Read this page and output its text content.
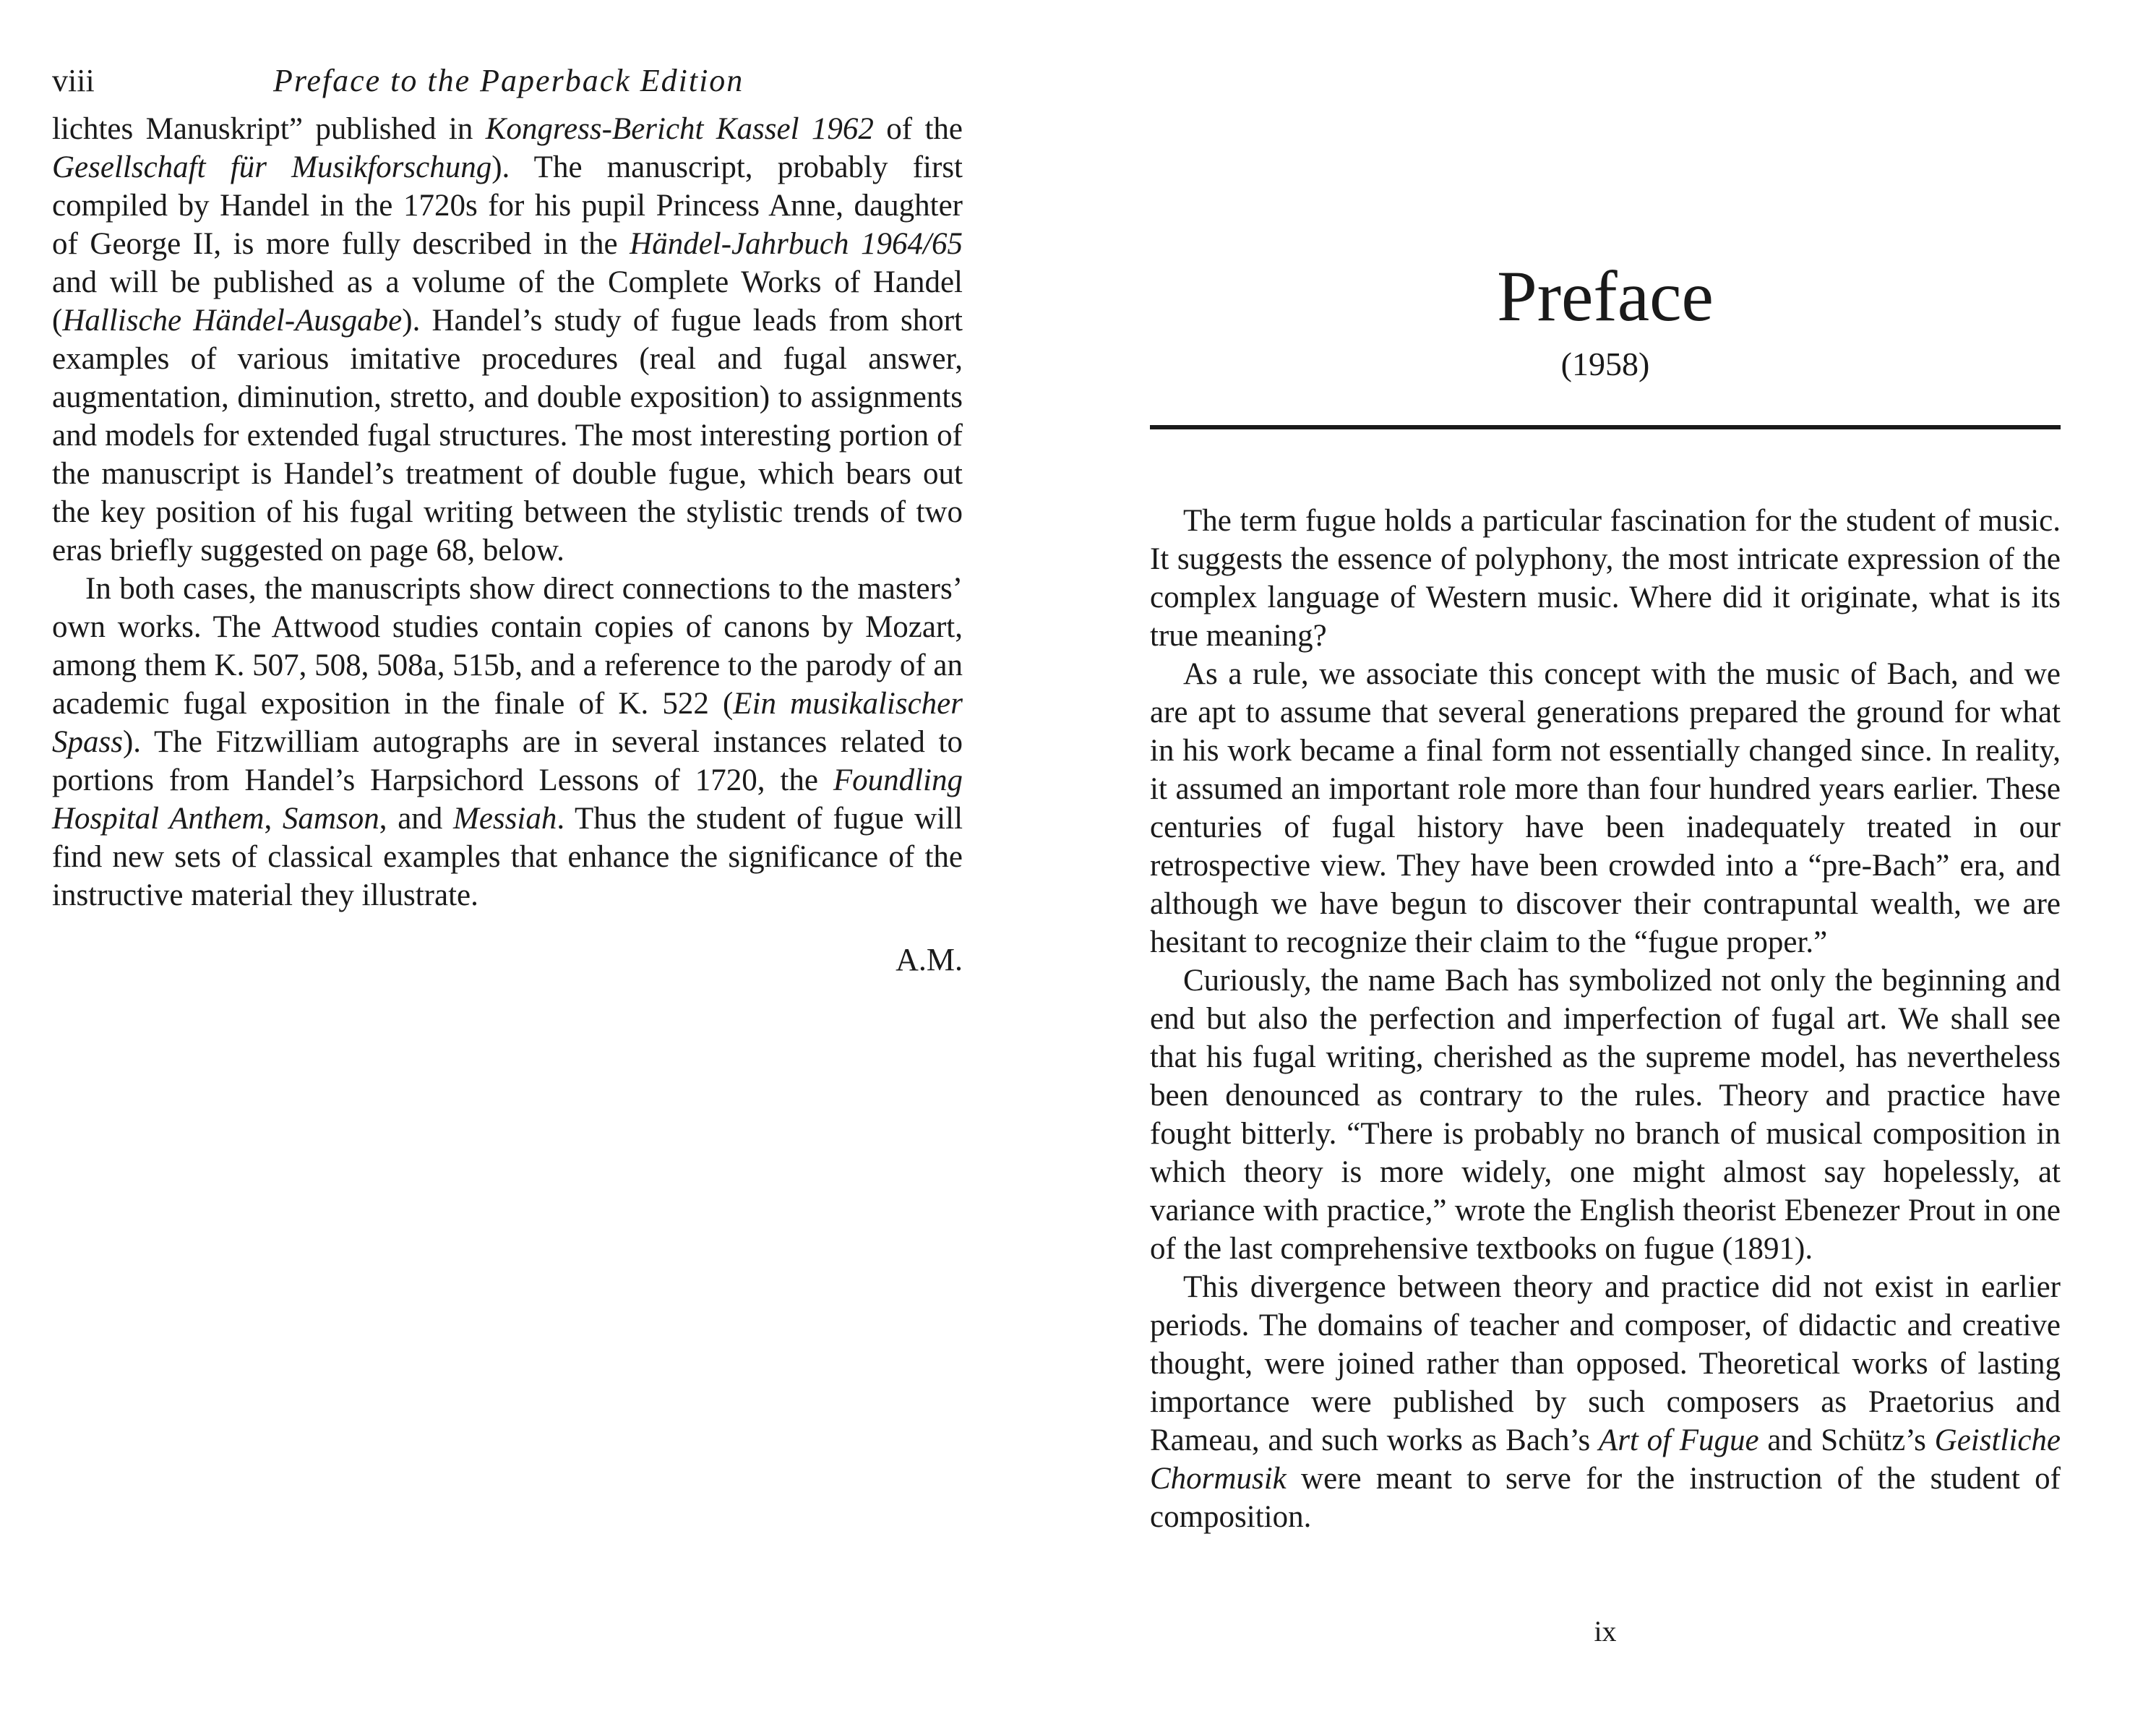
viii	Preface to the Paperback Edition

lichtes Manuskript” published in Kongress-Bericht Kassel 1962 of the Gesellschaft für Musikforschung). The manuscript, probably first compiled by Handel in the 1720s for his pupil Princess Anne, daughter of George II, is more fully described in the Händel-Jahrbuch 1964/65 and will be published as a volume of the Complete Works of Handel (Hallische Händel-Ausgabe). Handel’s study of fugue leads from short examples of various imitative procedures (real and fugal answer, augmentation, diminution, stretto, and double exposition) to assignments and models for extended fugal structures. The most interesting portion of the manuscript is Handel’s treatment of double fugue, which bears out the key position of his fugal writing between the stylistic trends of two eras briefly suggested on page 68, below.

In both cases, the manuscripts show direct connections to the masters’ own works. The Attwood studies contain copies of canons by Mozart, among them K. 507, 508, 508a, 515b, and a reference to the parody of an academic fugal exposition in the finale of K. 522 (Ein musikalischer Spass). The Fitzwilliam autographs are in several instances related to portions from Handel’s Harpsichord Lessons of 1720, the Foundling Hospital Anthem, Samson, and Messiah. Thus the student of fugue will find new sets of classical examples that enhance the significance of the instructive material they illustrate.

A.M.
Preface
(1958)

The term fugue holds a particular fascination for the student of music. It suggests the essence of polyphony, the most intricate expression of the complex language of Western music. Where did it originate, what is its true meaning?

As a rule, we associate this concept with the music of Bach, and we are apt to assume that several generations prepared the ground for what in his work became a final form not essentially changed since. In reality, it assumed an important role more than four hundred years earlier. These centuries of fugal history have been inadequately treated in our retrospective view. They have been crowded into a “pre-Bach” era, and although we have begun to discover their contrapuntal wealth, we are hesitant to recognize their claim to the “fugue proper.”

Curiously, the name Bach has symbolized not only the beginning and end but also the perfection and imperfection of fugal art. We shall see that his fugal writing, cherished as the supreme model, has nevertheless been denounced as contrary to the rules. Theory and practice have fought bitterly. “There is probably no branch of musical composition in which theory is more widely, one might almost say hopelessly, at variance with practice,” wrote the English theorist Ebenezer Prout in one of the last comprehensive textbooks on fugue (1891).

This divergence between theory and practice did not exist in earlier periods. The domains of teacher and composer, of didactic and creative thought, were joined rather than opposed. Theoretical works of lasting importance were published by such composers as Praetorius and Rameau, and such works as Bach’s Art of Fugue and Schütz’s Geistliche Chormusik were meant to serve for the instruction of the student of composition.

ix
